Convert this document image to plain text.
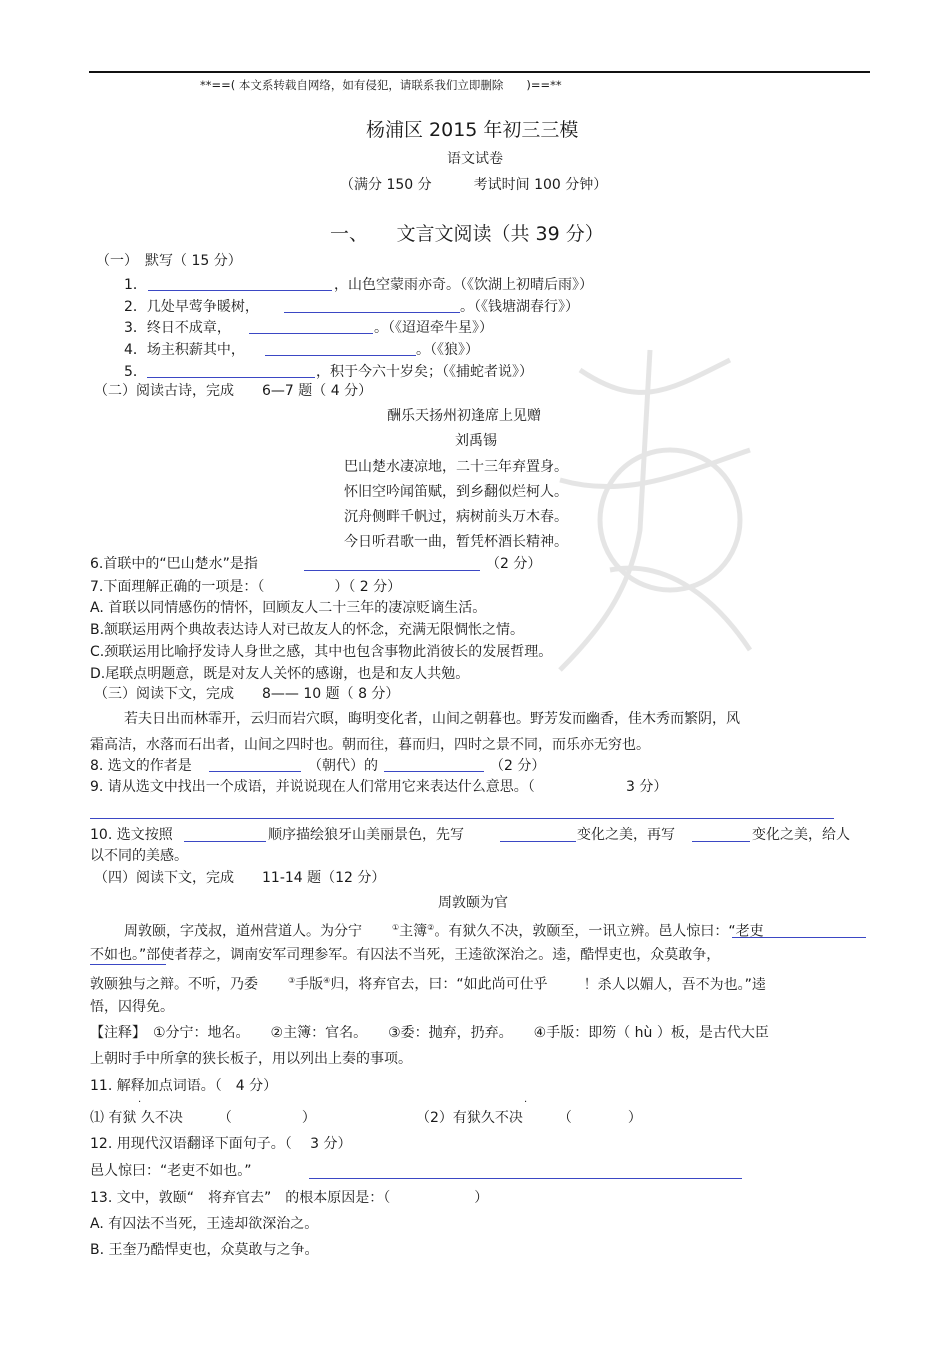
**==( 本文系转载自网络，如有侵犯，请联系我们立即删除　　)==**
杨浦区 2015 年初三三模
语文试卷
（满分 150 分　　　考试时间 100 分钟）
一、　　文言文阅读（共 39 分）
（一）　默写（ 15 分）
1．	，山色空蒙雨亦奇。（《饮湖上初晴后雨》）
2．几处早莺争暖树，	。（《钱塘湖春行》）
3．终日不成章，	。（《迢迢牵牛星》）
4．场主积薪其中，	。（《狼》）
5．	，积于今六十岁矣；（《捕蛇者说》）
（二）阅读古诗，完成　　6—7 题（ 4 分）
酬乐天扬州初逢席上见赠
刘禹锡
巴山楚水凄凉地，二十三年弃置身。
怀旧空吟闻笛赋，到乡翻似烂柯人。
沉舟侧畔千帆过，病树前头万木春。
今日听君歌一曲，暂凭杯酒长精神。
6.首联中的“巴山楚水”是指	（2 分）
7.下面理解正确的一项是：（　　　　　）（ 2 分）
A. 首联以同情感伤的情怀，回顾友人二十三年的凄凉贬谪生活。
B.颔联运用两个典故表达诗人对已故友人的怀念，充满无限惆怅之情。
C.颈联运用比喻抒发诗人身世之感，其中也包含事物此消彼长的发展哲理。
D.尾联点明题意，既是对友人关怀的感谢，也是和友人共勉。
（三）阅读下文，完成　　8—— 10 题（ 8 分）
若夫日出而林霏开，云归而岩穴暝，晦明变化者，山间之朝暮也。野芳发而幽香，佳木秀而繁阴，风
霜高洁，水落而石出者，山间之四时也。朝而往，暮而归，四时之景不同，而乐亦无穷也。
8. 选文的作者是	（朝代）的	（2 分）
9. 请从选文中找出一个成语，并说说现在人们常用它来表达什么意思。（	3 分）
10. 选文按照	顺序描绘狼牙山美丽景色，先写	变化之美，再写	变化之美，给人
以不同的美感。
（四）阅读下文，完成　　11-14 题（12 分）
周敦颐为官
周敦颐，字茂叔，道州营道人。为分宁	①主簿②。有狱久不决，敦颐至，一讯立辨。邑人惊曰：“老吏
不如也。”部使者荐之，调南安军司理参军。有囚法不当死，王逵欲深治之。逵，酷悍吏也，众莫敢争，
敦颐独与之辩。不听，乃委	③手版④归，将弃官去，曰：“如此尚可仕乎	！杀人以媚人，吾不为也。”逵
悟，囚得免。
【注释】　①分宁：地名。　　②主簿：官名。　　③委：抛弃，扔弃。　　④手版：即笏（ hù ）板，是古代大臣
上朝时手中所拿的狭长板子，用以列出上奏的事项。
11. 解释加点词语。（　4 分）
·
⑴ 有狱 久不决　　　（　　　　　）
·
（2）有狱久不决　　　（　　　　）
12. 用现代汉语翻译下面句子。（　 3 分）
邑人惊曰：“老吏不如也。”
13. 文中，敦颐“　将弃官去”　的根本原因是：（　　　　　　）
A. 有囚法不当死，王逵却欲深治之。
B. 王奎乃酷悍吏也，众莫敢与之争。
